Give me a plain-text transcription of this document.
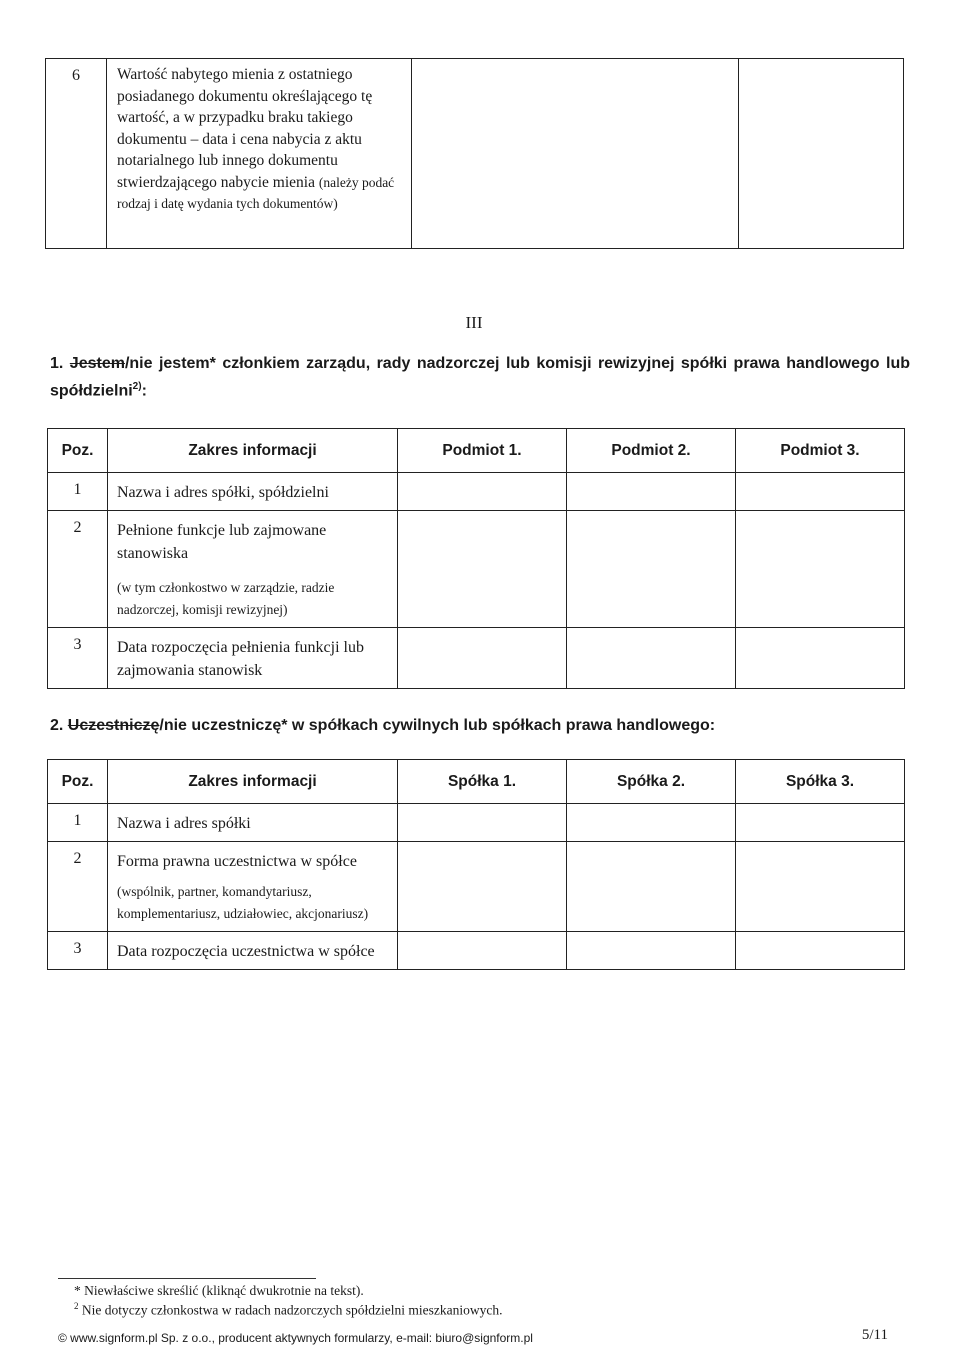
6	Wartość nabytego mienia z ostatniego posiadanego dokumentu określającego tę wartość, a w przypadku braku takiego dokumentu – data i cena nabycia z aktu notarialnego lub innego dokumentu stwierdzającego nabycie mienia (należy podać rodzaj i datę wydania tych dokumentów)		
III
1. Jestem/nie jestem* członkiem zarządu, rady nadzorczej lub komisji rewizyjnej spółki prawa handlowego lub spółdzielni$^{2)}$:
Poz.	Zakres informacji	Podmiot 1.	Podmiot 2.	Podmiot 3.
1	Nazwa i adres spółki, spółdzielni			
2	Pełnione funkcje lub zajmowane stanowiska
(w tym członkostwo w zarządzie, radzie nadzorczej, komisji rewizyjnej)			

3	Data rozpoczęcia pełnienia funkcji lub zajmowania stanowisk			
2. Uczestniczę/nie uczestniczę* w spółkach cywilnych lub spółkach prawa handlowego:
Poz.	Zakres informacji	Spółka 1.	Spółka 2.	Spółka 3.
1	Nazwa i adres spółki			
2	Forma prawna uczestnictwa w spółce
(wspólnik, partner, komandytariusz, komplementariusz, udziałowiec, akcjonariusz)			

3	Data rozpoczęcia uczestnictwa w spółce			
* Niewłaściwe skreślić (kliknąć dwukrotnie na tekst).
$^2$ Nie dotyczy członkostwa w radach nadzorczych spółdzielni mieszkaniowych.
© www.signform.pl Sp. z o.o., producent aktywnych formularzy, e-mail: biuro@signform.pl	5/11
